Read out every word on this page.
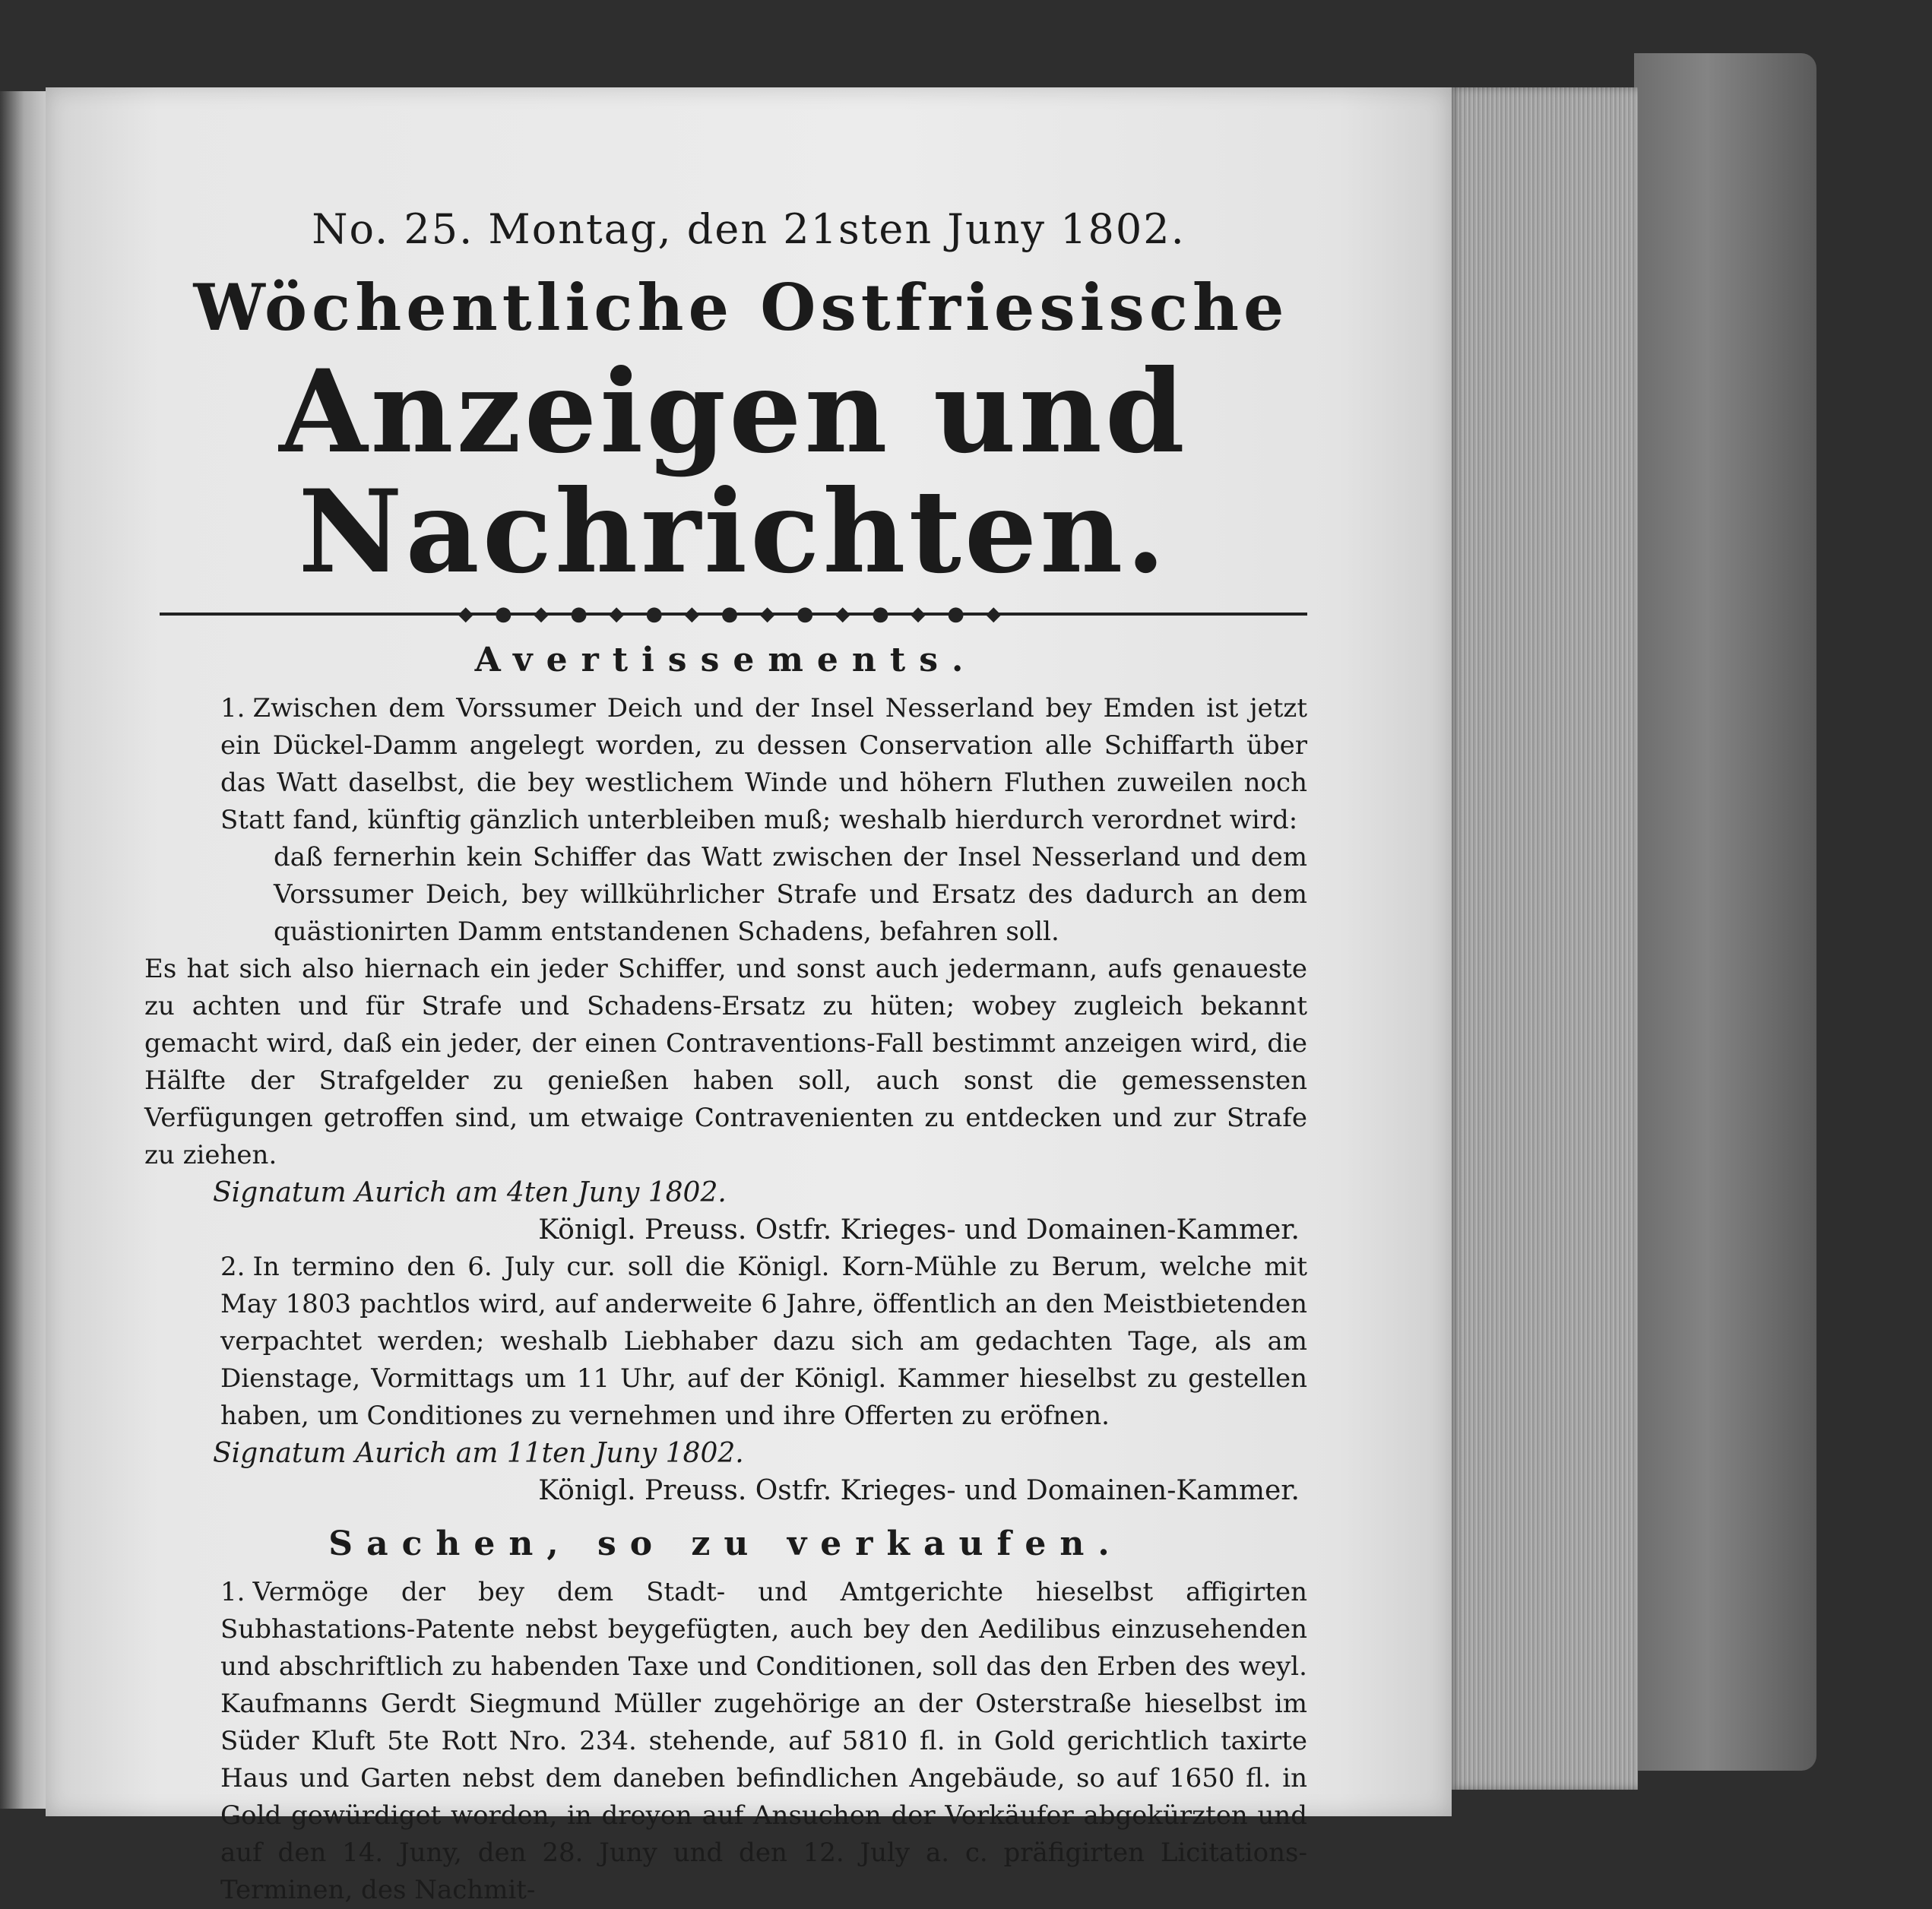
No. 25. Montag, den 21sten Juny 1802.
Wöchentliche Ostfriesische
Anzeigen und Nachrichten.
◆ ● ◆ ● ◆ ● ◆ ● ◆ ● ◆ ● ◆ ● ◆
Avertissements.

1. Zwischen dem Vorssumer Deich und der Insel Nesserland bey Emden ist jetzt ein Dückel-Damm angelegt worden, zu dessen Conservation alle Schiffarth über das Watt daselbst, die bey westlichem Winde und höhern Fluthen zuweilen noch Statt fand, künftig gänzlich unterbleiben muß; weshalb hierdurch verordnet wird:

daß fernerhin kein Schiffer das Watt zwischen der Insel Nesserland und dem Vorssumer Deich, bey willkührlicher Strafe und Ersatz des dadurch an dem quästionirten Damm entstandenen Schadens, befahren soll.

Es hat sich also hiernach ein jeder Schiffer, und sonst auch jedermann, aufs genaueste zu achten und für Strafe und Schadens-Ersatz zu hüten; wobey zugleich bekannt gemacht wird, daß ein jeder, der einen Contraventions-Fall bestimmt anzeigen wird, die Hälfte der Strafgelder zu genießen haben soll, auch sonst die gemessensten Verfügungen getroffen sind, um etwaige Contravenienten zu entdecken und zur Strafe zu ziehen.

Signatum Aurich am 4ten Juny 1802.
Königl. Preuss. Ostfr. Krieges- und Domainen-Kammer.

2. In termino den 6. July cur. soll die Königl. Korn-Mühle zu Berum, welche mit May 1803 pachtlos wird, auf anderweite 6 Jahre, öffentlich an den Meistbietenden verpachtet werden; weshalb Liebhaber dazu sich am gedachten Tage, als am Dienstage, Vormittags um 11 Uhr, auf der Königl. Kammer hieselbst zu gestellen haben, um Conditiones zu vernehmen und ihre Offerten zu eröfnen.

Signatum Aurich am 11ten Juny 1802.
Königl. Preuss. Ostfr. Krieges- und Domainen-Kammer.
Sachen, so zu verkaufen.

1. Vermöge der bey dem Stadt- und Amtgerichte hieselbst affigirten Subhastations-Patente nebst beygefügten, auch bey den Aedilibus einzusehenden und abschriftlich zu habenden Taxe und Conditionen, soll das den Erben des weyl. Kaufmanns Gerdt Siegmund Müller zugehörige an der Osterstraße hieselbst im Süder Kluft 5te Rott Nro. 234. stehende, auf 5810 fl. in Gold gerichtlich taxirte Haus und Garten nebst dem daneben befindlichen Angebäude, so auf 1650 fl. in Gold gewürdiget worden, in dreyen auf Ansuchen der Verkäufer abgekürzten und auf den 14. Juny, den 28. Juny und den 12. July a. c. präfigirten Licitations-Terminen, des Nachmit-
